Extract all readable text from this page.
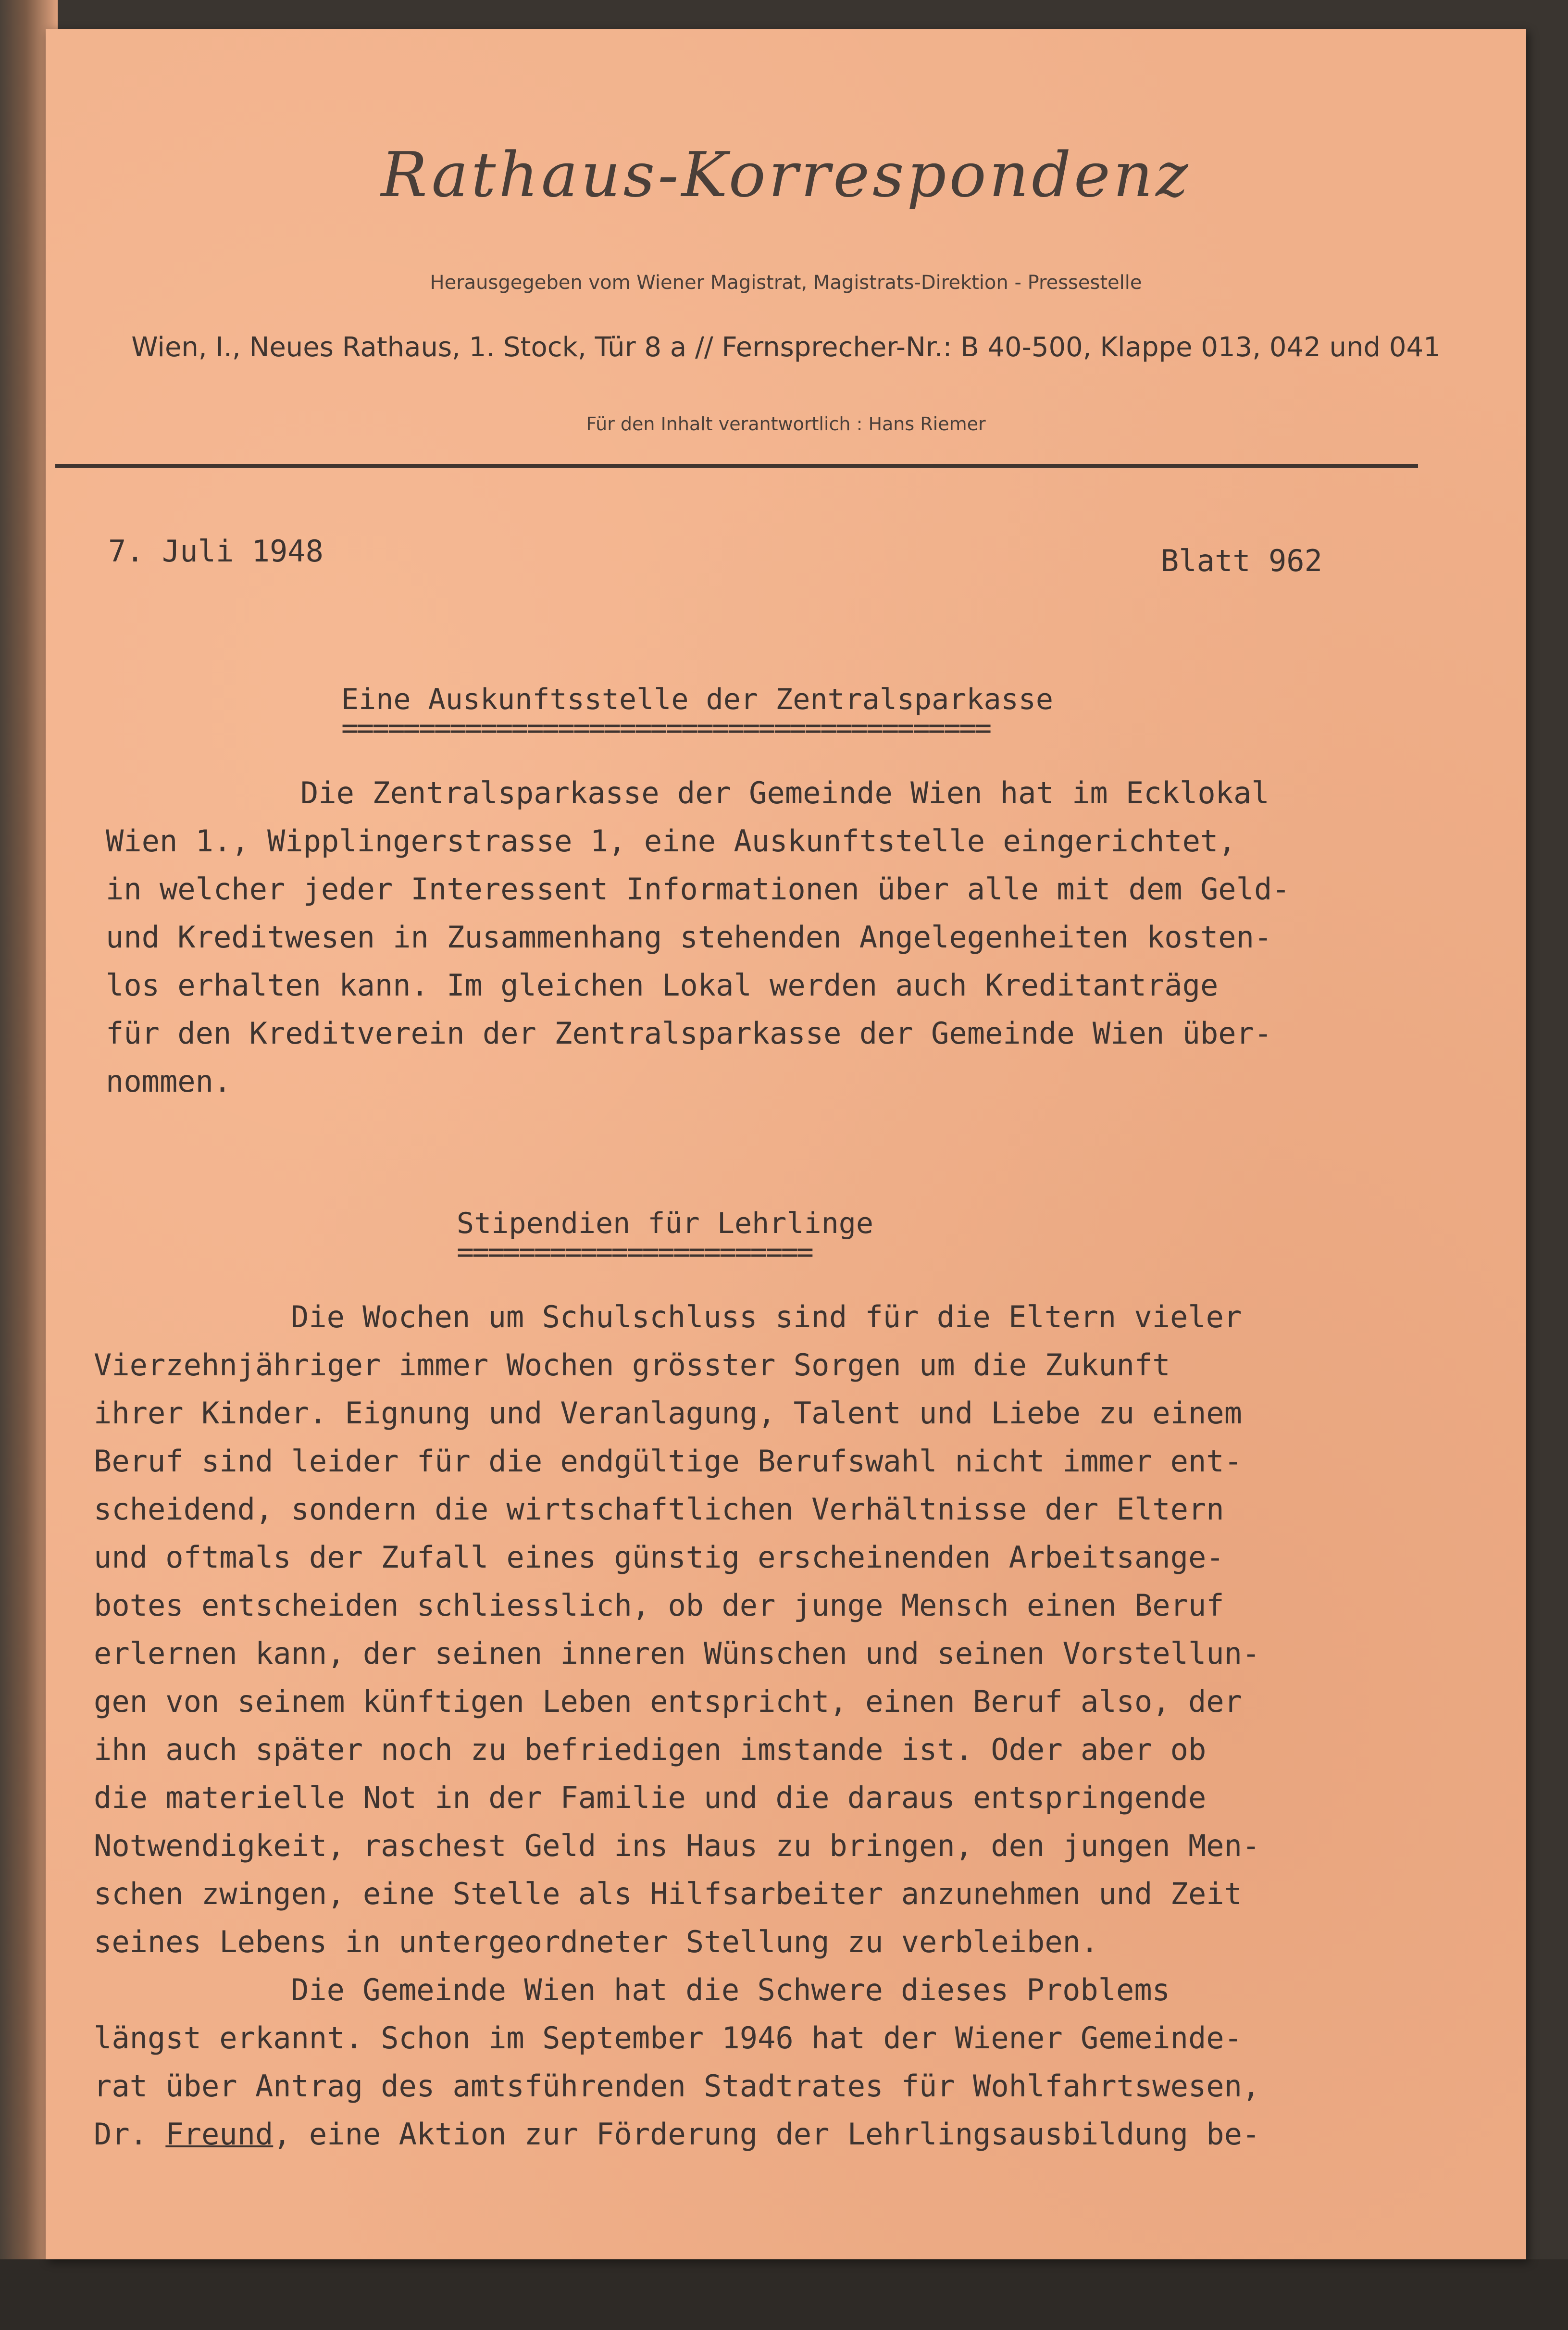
Rathaus-Korrespondenz
Herausgegeben vom Wiener Magistrat, Magistrats-Direktion - Pressestelle
Wien, I., Neues Rathaus, 1. Stock, Tür 8 a // Fernsprecher-Nr.: B 40-500, Klappe 013, 042 und 041
Für den Inhalt verantwortlich : Hans Riemer
7. Juli 1948	Blatt 962
Eine Auskunftsstelle der Zentralsparkasse
==========================================
Die Zentralsparkasse der Gemeinde Wien hat im Ecklokal
Wien 1., Wipplingerstrasse 1, eine Auskunftstelle eingerichtet,
in welcher jeder Interessent Informationen über alle mit dem Geld-
und Kreditwesen in Zusammenhang stehenden Angelegenheiten kosten-
los erhalten kann. Im gleichen Lokal werden auch Kreditanträge
für den Kreditverein der Zentralsparkasse der Gemeinde Wien über-
nommen.
Stipendien für Lehrlinge
=======================
Die Wochen um Schulschluss sind für die Eltern vieler
Vierzehnjähriger immer Wochen grösster Sorgen um die Zukunft
ihrer Kinder. Eignung und Veranlagung, Talent und Liebe zu einem
Beruf sind leider für die endgültige Berufswahl nicht immer ent-
scheidend, sondern die wirtschaftlichen Verhältnisse der Eltern
und oftmals der Zufall eines günstig erscheinenden Arbeitsange-
botes entscheiden schliesslich, ob der junge Mensch einen Beruf
erlernen kann, der seinen inneren Wünschen und seinen Vorstellun-
gen von seinem künftigen Leben entspricht, einen Beruf also, der
ihn auch später noch zu befriedigen imstande ist. Oder aber ob
die materielle Not in der Familie und die daraus entspringende
Notwendigkeit, raschest Geld ins Haus zu bringen, den jungen Men-
schen zwingen, eine Stelle als Hilfsarbeiter anzunehmen und Zeit
seines Lebens in untergeordneter Stellung zu verbleiben.
Die Gemeinde Wien hat die Schwere dieses Problems
längst erkannt. Schon im September 1946 hat der Wiener Gemeinde-
rat über Antrag des amtsführenden Stadtrates für Wohlfahrtswesen,
Dr. Freund, eine Aktion zur Förderung der Lehrlingsausbildung be-
